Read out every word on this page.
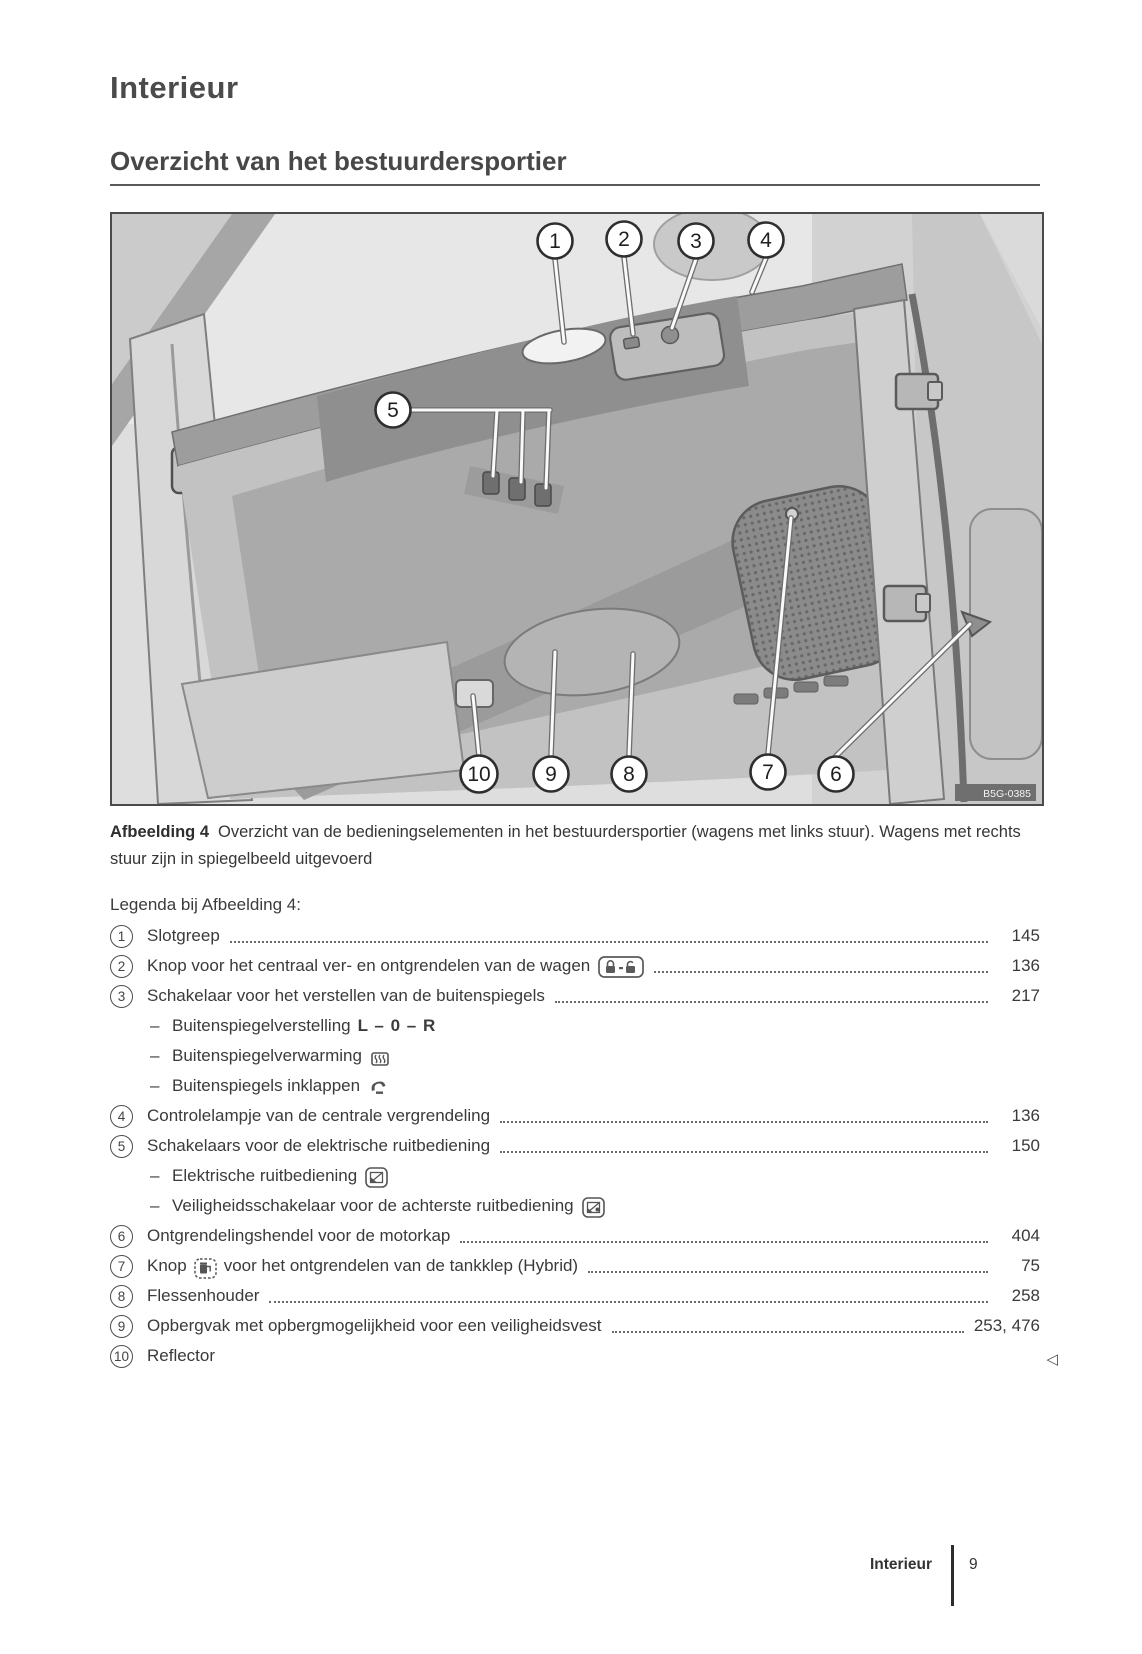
Interieur
Overzicht van het bestuurdersportier
1	2	3	4
5
10	9	8	7	6
B5G-0385

Afbeelding 4 Overzicht van de bedieningselementen in het bestuurdersportier (wagens met links stuur). Wagens met rechts stuur zijn in spiegelbeeld uitgevoerd

Legenda bij Afbeelding 4:
1	Slotgreep	145
2	Knop voor het centraal ver- en ontgrendelen van de wagen	136
3	Schakelaar voor het verstellen van de buitenspiegels	217
– Buitenspiegelverstelling L – 0 – R
– Buitenspiegelverwarming
– Buitenspiegels inklappen
4	Controlelampje van de centrale vergrendeling	136
5	Schakelaars voor de elektrische ruitbediening	150
– Elektrische ruitbediening
– Veiligheidsschakelaar voor de achterste ruitbediening
6	Ontgrendelingshendel voor de motorkap	404
7	Knop voor het ontgrendelen van de tankklep (Hybrid)	75
8	Flessenhouder	258
9	Opbergvak met opbergmogelijkheid voor een veiligheidsvest	253, 476
10 Reflector	◁
Interieur	9
